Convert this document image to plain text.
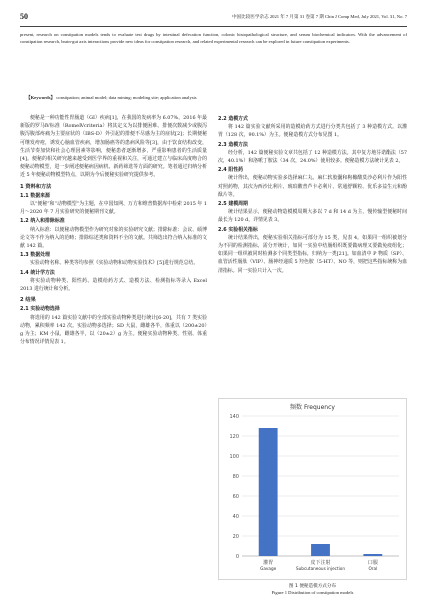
50	中国比较医学杂志 2021 年 7 月第 31 卷第 7 期 Chin J Comp Med, July 2021, Vol. 31, No. 7
present, research on constipation models tends to evaluate test drugs by intestinal defecation function, colonic histopathological structure, and serum biochemical indicators. With the advancement of constipation research, brain-gut axis interactions provide new ideas for constipation research, and related experimental research can be explored in future constipation experiments.
【Keywords】 constipation; animal model; data mining; modeling site; application analysis

便秘是一种功能性胃肠道（GI）疾病[1]，在我国的发病率为 6.07%，2016 年最新版的罗马Ⅳ标准（RomeⅣcriteria）将其定义为以排便困难、排便次数减少或腹泻腹泻腹部疼痛为主要症状的（IBS-D）外引起的排便不尽感为主的症状[2]；长期便秘可继发痔疮，诱发心脑血管疾病，增加肠癌等的患病风险等[3]，由于饮食结构改变，生活节奏加快和社会心理因素等影响，便秘患者逐渐增多，严重影响患者的生活质量[4]。便秘的相关研究越来越受到医学界的重视和关注，可通过建立与临床高度吻合的便秘动物模型，进一步阐述便秘病因病机、新药筛选等方面的研究。笔者通过归纳分析近 5 年便秘动物模型特点，以期为今后便秘实验研究提供参考。

1 资料和方法
1.1 数据来源

以“便秘”和“动物模型”为主题，在中国知网、万方和维普数据库中检索 2015 年 1 月～2020 年 7 月实验研究的便秘期刊文献。

1.2 纳入和排除标准

纳入标准：以便秘动物模型作为研究对象的实验研究文献；排除标准：会议、硕博论文等不作为纳入的范畴；排除综述类和资料不全的文献。共筛选出符合纳入标准的文献 142 篇。

1.3 数据处理

实验动物名称、种类等均参照《实验动物和动物实验技术》[5]进行规范总结。

1.4 统计学方法

将实验动物种类、阳性药、造模给药方式、造模方法、检测指标等录入 Excel 2013 进行统计和分析。

2 结果
2.1 实验动物选择

将选用的 142 篇实验文献中的全部实验动物种类进行统计[6-20]，共有 7 类实验动物，累积频率 142 次。实验动物多选择；SD 大鼠，雌雄各半，体重以（200±20）g 为主；KM 小鼠，雌雄各半，以（20±2）g 为主。便秘实验动物种类、性别、体重分布情况详情见表 1。

2.2 造模方式

将 142 篇实验文献所采用的造模给药方式进行分类共包括了 3 种造模方式。以灌胃（128 次，90.1%）为主。便秘造模方式分布见图 1。

2.3 造模方法

经分析，142 篇便秘实验文章共包括了 12 种造模方法。其中复方地芬诺酯法（57 次，40.1%）和洛哌丁胺法（34 次，24.0%）使用较多。便秘造模方法统计见表 2。

2.4 阳性药

统计得出，便秘动物实验多选择麻仁丸、麻仁软胶囊和枸橼酸莫沙必利片作为阳性对照药物，其次为西沙比利片、琥珀酸普芦卡必利片、常通舒颗粒、优乐多益生元和酚酞片等。

2.5 建模周期

统计结果显示，便秘动物造模模周期大多以 7 d 和 14 d 为主，慢传输型便秘时间最长为 120 d，详情见表 3。

2.6 实验相关指标

统计结果得出，便秘实验相关指标可部分为 15 类，见表 4。如果同一组织被划分为不同的检测指标，需分开统计，如同一实验中结肠组织既要做病理又要做免疫组化；如果同一组织被同时检测多个同类型指标，归纳为一类[21]。如血清中 P 物质（SP）、血管活性肠肽（VIP）、肠神经递质 5 羟色胺（5-HT）、NO 等，则把这些指标统称为血清指标。同一实验只计入一次。

频数 Frequency
0
20
40
60
80
100
120
140
灌胃
Gavage
皮下注射
Subcutaneous injection
口服
Oral
图 1 便秘造模方式分布
Figure 1 Distribution of constipation models
